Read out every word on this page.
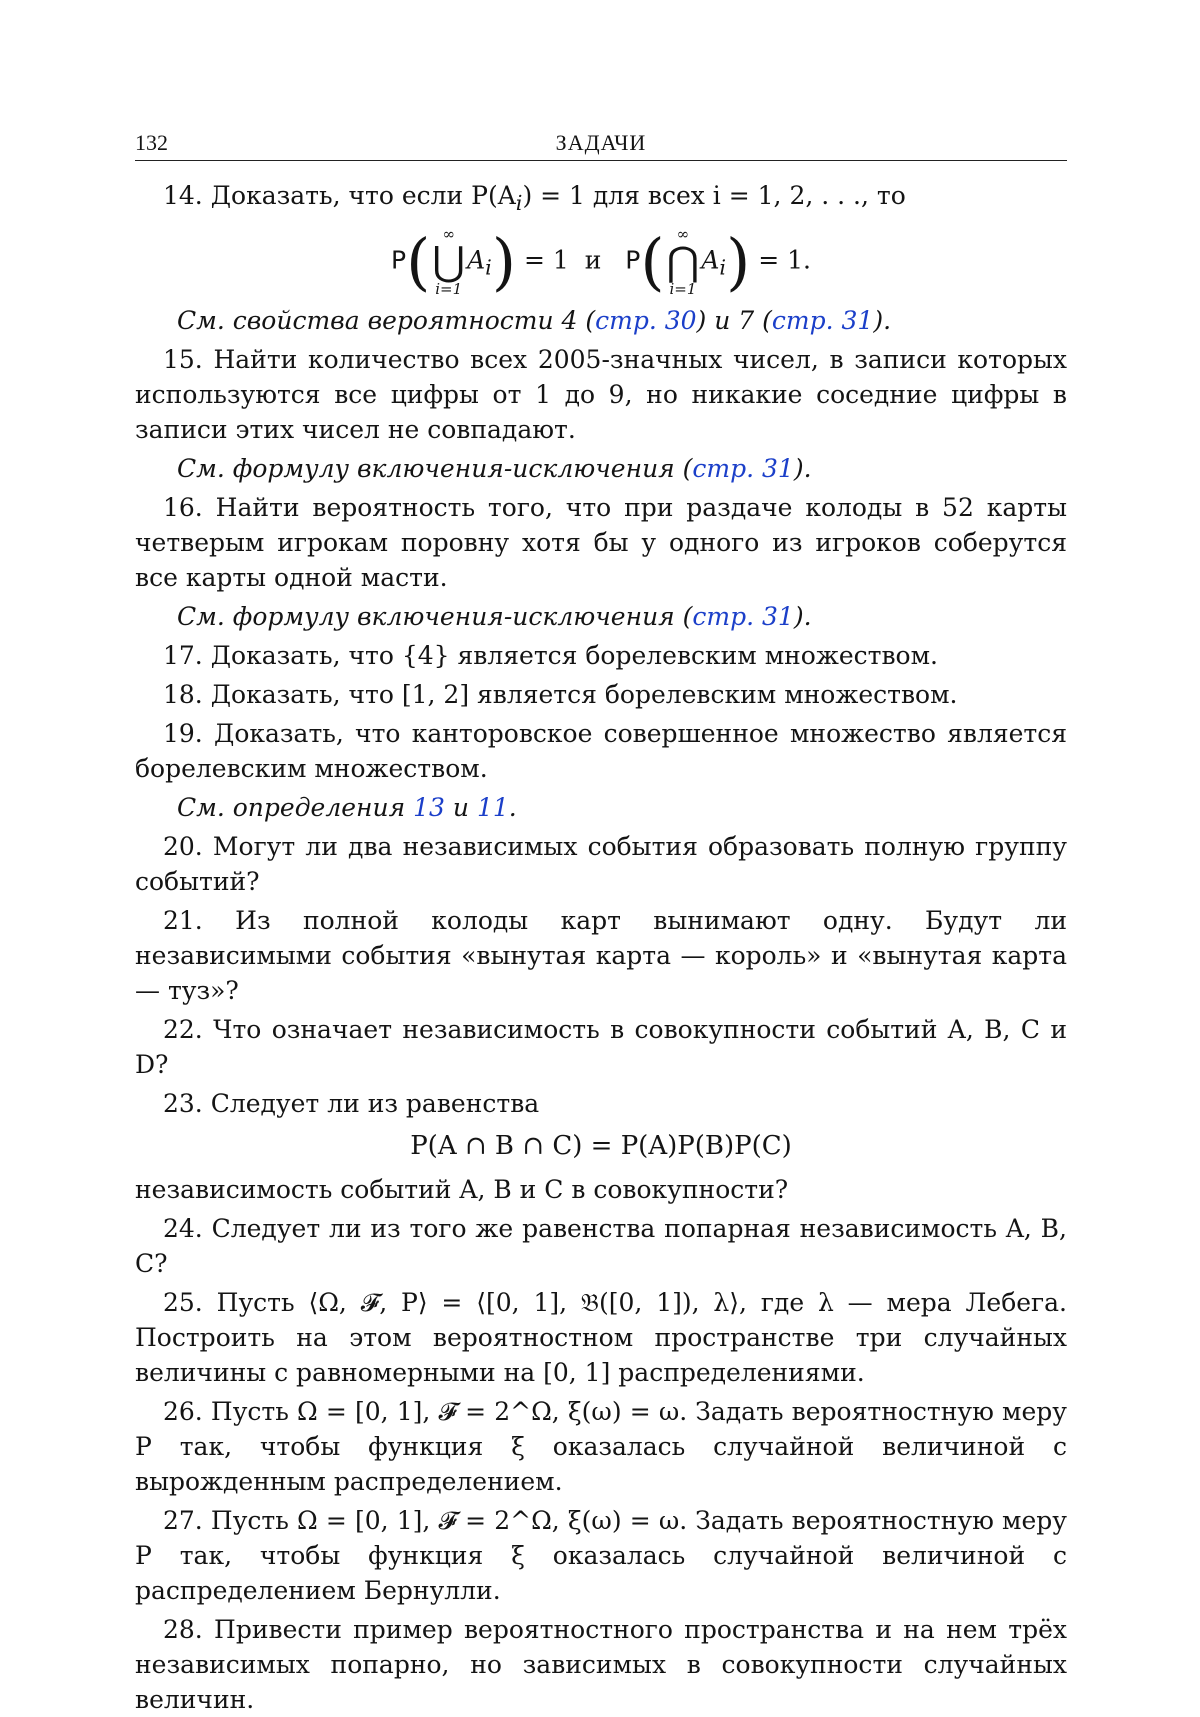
132	ЗАДАЧИ

14. Доказать, что если $P(A_i) = 1$ для всех i = 1, 2, . . ., то

P( ∞
⋃
i=1
$A_i) = 1$ и P( ∞
⋂
i=1
$A_i) = 1$.

См. свойства вероятности 4 (стр. 30) и 7 (стр. 31).

15. Найти количество всех 2005-значных чисел, в записи которых используются все цифры от 1 до 9, но никакие соседние цифры в записи этих чисел не совпадают.

См. формулу включения-исключения (стр. 31).

16. Найти вероятность того, что при раздаче колоды в 52 карты четверым игрокам поровну хотя бы у одного из игроков соберутся все карты одной масти.

См. формулу включения-исключения (стр. 31).

17. Доказать, что {4} является борелевским множеством.

18. Доказать, что [1, 2] является борелевским множеством.

19. Доказать, что канторовское совершенное множество является борелевским множеством.

См. определения 13 и 11.

20. Могут ли два независимых события образовать полную группу событий?

21. Из полной колоды карт вынимают одну. Будут ли независимыми события «вынутая карта — король» и «вынутая карта — туз»?

22. Что означает независимость в совокупности событий A, B, C и D?

23. Следует ли из равенства

P(A ∩ B ∩ C) = P(A)P(B)P(C)

независимость событий A, B и C в совокупности?

24. Следует ли из того же равенства попарная независимость A, B, C?

25. Пусть ⟨Ω, 𝓕, P⟩ = ⟨[0, 1], 𝔅([0, 1]), λ⟩, где λ — мера Лебега. Построить на этом вероятностном пространстве три случайных величины с равномерными на [0, 1] распределениями.

26. Пусть Ω = [0, 1], 𝓕 = 2^Ω, ξ(ω) = ω. Задать вероятностную меру P так, чтобы функция ξ оказалась случайной величиной с вырожденным распределением.

27. Пусть Ω = [0, 1], 𝓕 = 2^Ω, ξ(ω) = ω. Задать вероятностную меру P так, чтобы функция ξ оказалась случайной величиной с распределением Бернулли.

28. Привести пример вероятностного пространства и на нем трёх независимых попарно, но зависимых в совокупности случайных величин.
